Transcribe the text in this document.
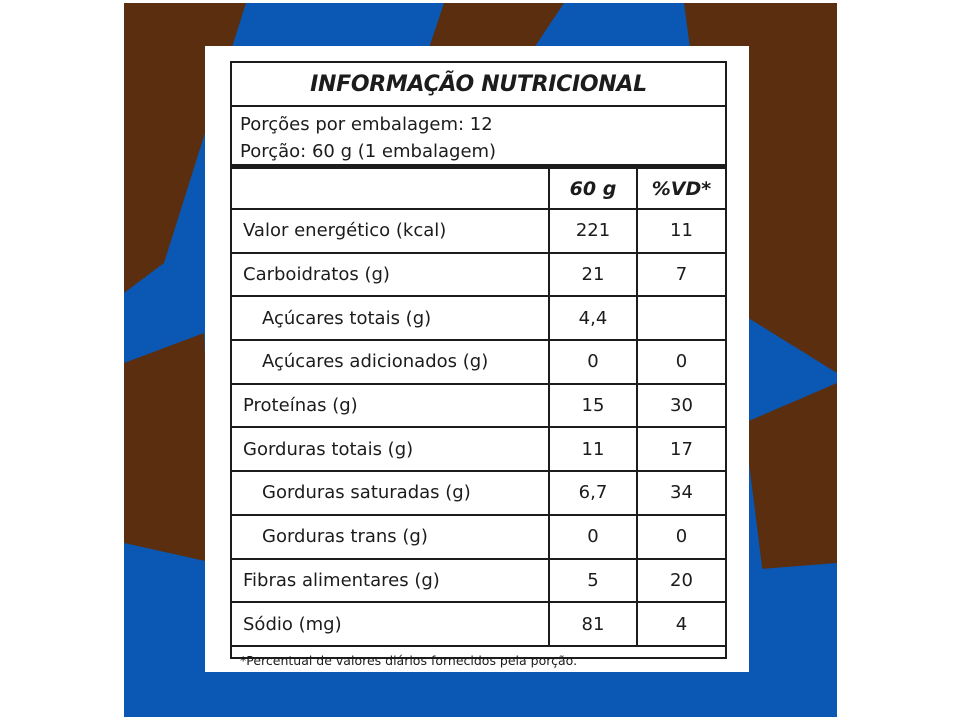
INFORMAÇÃO NUTRICIONAL
Porções por embalagem: 12
Porção: 60 g (1 embalagem)
	60 g	%VD*
Valor energético (kcal)	221	11
Carboidratos (g)	21	7
Açúcares totais (g)	4,4	
Açúcares adicionados (g)	0	0
Proteínas (g)	15	30
Gorduras totais (g)	11	17
Gorduras saturadas (g)	6,7	34
Gorduras trans (g)	0	0
Fibras alimentares (g)	5	20
Sódio (mg)	81	4
*Percentual de valores diários fornecidos pela porção.
